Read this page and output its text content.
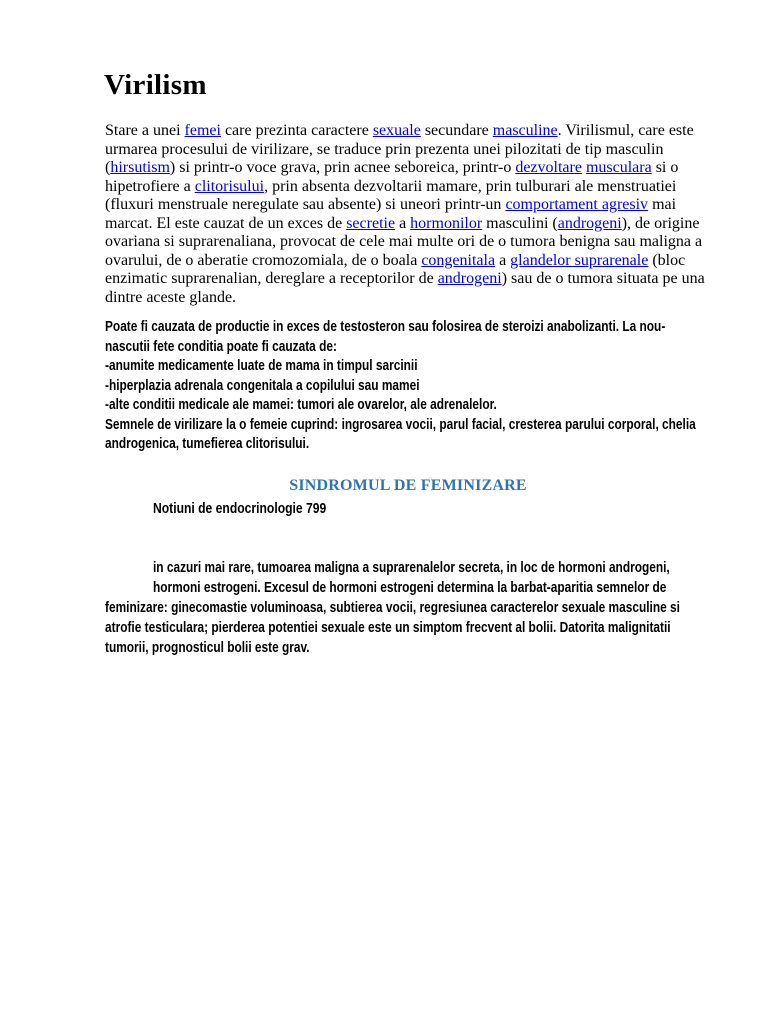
Virilism

Stare a unei femei care prezinta caractere sexuale secundare masculine. Virilismul, care este urmarea procesului de virilizare, se traduce prin prezenta unei pilozitati de tip masculin (hirsutism) si printr-o voce grava, prin acnee seboreica, printr-o dezvoltare musculara si o hipetrofiere a clitorisului, prin absenta dezvoltarii mamare, prin tulburari ale menstruatiei (fluxuri menstruale neregulate sau absente) si uneori printr-un comportament agresiv mai marcat. El este cauzat de un exces de secretie a hormonilor masculini (androgeni), de origine ovariana si suprarenaliana, provocat de cele mai multe ori de o tumora benigna sau maligna a ovarului, de o aberatie cromozomiala, de o boala congenitala a glandelor suprarenale (bloc enzimatic suprarenalian, dereglare a receptorilor de androgeni) sau de o tumora situata pe una dintre aceste glande.

Poate fi cauzata de productie in exces de testosteron sau folosirea de steroizi anabolizanti. La nou-
nascutii fete conditia poate fi cauzata de:
-anumite medicamente luate de mama in timpul sarcinii
-hiperplazia adrenala congenitala a copilului sau mamei
-alte conditii medicale ale mamei: tumori ale ovarelor, ale adrenalelor.
Semnele de virilizare la o femeie cuprind: ingrosarea vocii, parul facial, cresterea parului corporal, chelia
androgenica, tumefierea clitorisului.
SINDROMUL DE FEMINIZARE

Notiuni de endocrinologie 799

in cazuri mai rare, tumoarea maligna a suprarenalelor secreta, in loc de hormoni androgeni,
hormoni estrogeni. Excesul de hormoni estrogeni determina la barbat-aparitia semnelor de
feminizare: ginecomastie voluminoasa, subtierea vocii, regresiunea caracterelor sexuale masculine si
atrofie testiculara; pierderea potentiei sexuale este un simptom frecvent al bolii. Datorita malignitatii
tumorii, prognosticul bolii este grav.
